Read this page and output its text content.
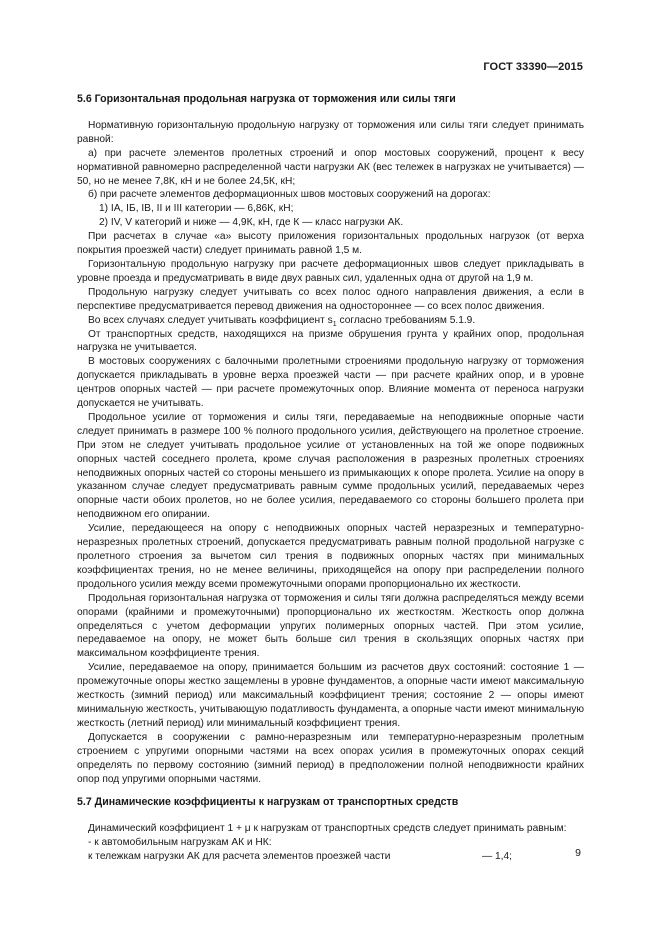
ГОСТ 33390—2015

5.6 Горизонтальная продольная нагрузка от торможения или силы тяги

Нормативную горизонтальную продольную нагрузку от торможения или силы тяги следует принимать равной:

а) при расчете элементов пролетных строений и опор мостовых сооружений, процент к весу нормативной равномерно распределенной части нагрузки АК (вес тележек в нагрузках не учитывается) — 50, но не менее 7,8К, кН и не более 24,5К, кН;

б) при расчете элементов деформационных швов мостовых сооружений на дорогах:

1) IА, IБ, IВ, II и III категории — 6,86К, кН;

2) IV, V категорий и ниже — 4,9К, кН, где К — класс нагрузки АК.

При расчетах в случае «а» высоту приложения горизонтальных продольных нагрузок (от верха покрытия проезжей части) следует принимать равной 1,5 м.

Горизонтальную продольную нагрузку при расчете деформационных швов следует прикладывать в уровне проезда и предусматривать в виде двух равных сил, удаленных одна от другой на 1,9 м.

Продольную нагрузку следует учитывать со всех полос одного направления движения, а если в перспективе предусматривается перевод движения на одностороннее — со всех полос движения.

Во всех случаях следует учитывать коэффициент $s_1$ согласно требованиям 5.1.9.

От транспортных средств, находящихся на призме обрушения грунта у крайних опор, продольная нагрузка не учитывается.

В мостовых сооружениях с балочными пролетными строениями продольную нагрузку от торможения допускается прикладывать в уровне верха проезжей части — при расчете крайних опор, и в уровне центров опорных частей — при расчете промежуточных опор. Влияние момента от переноса нагрузки допускается не учитывать.

Продольное усилие от торможения и силы тяги, передаваемые на неподвижные опорные части следует принимать в размере 100 % полного продольного усилия, действующего на пролетное строение. При этом не следует учитывать продольное усилие от установленных на той же опоре подвижных опорных частей соседнего пролета, кроме случая расположения в разрезных пролетных строениях неподвижных опорных частей со стороны меньшего из примыкающих к опоре пролета. Усилие на опору в указанном случае следует предусматривать равным сумме продольных усилий, передаваемых через опорные части обоих пролетов, но не более усилия, передаваемого со стороны большего пролета при неподвижном его опирании.

Усилие, передающееся на опору с неподвижных опорных частей неразрезных и температурно-неразрезных пролетных строений, допускается предусматривать равным полной продольной нагрузке с пролетного строения за вычетом сил трения в подвижных опорных частях при минимальных коэффициентах трения, но не менее величины, приходящейся на опору при распределении полного продольного усилия между всеми промежуточными опорами пропорционально их жесткости.

Продольная горизонтальная нагрузка от торможения и силы тяги должна распределяться между всеми опорами (крайними и промежуточными) пропорционально их жесткостям. Жесткость опор должна определяться с учетом деформации упругих полимерных опорных частей. При этом усилие, передаваемое на опору, не может быть больше сил трения в скользящих опорных частях при максимальном коэффициенте трения.

Усилие, передаваемое на опору, принимается большим из расчетов двух состояний: состояние 1 — промежуточные опоры жестко защемлены в уровне фундаментов, а опорные части имеют максимальную жесткость (зимний период) или максимальный коэффициент трения; состояние 2 — опоры имеют минимальную жесткость, учитывающую податливость фундамента, а опорные части имеют минимальную жесткость (летний период) или минимальный коэффициент трения.

Допускается в сооружении с рамно-неразрезным или температурно-неразрезным пролетным строением с упругими опорными частями на всех опорах усилия в промежуточных опорах секций определять по первому состоянию (зимний период) в предположении полной неподвижности крайних опор под упругими опорными частями.

5.7 Динамические коэффициенты к нагрузкам от транспортных средств

Динамический коэффициент 1 + μ к нагрузкам от транспортных средств следует принимать равным:

- к автомобильным нагрузкам АК и НК:

к тележкам нагрузки АК для расчета элементов проезжей части	— 1,4;	9
